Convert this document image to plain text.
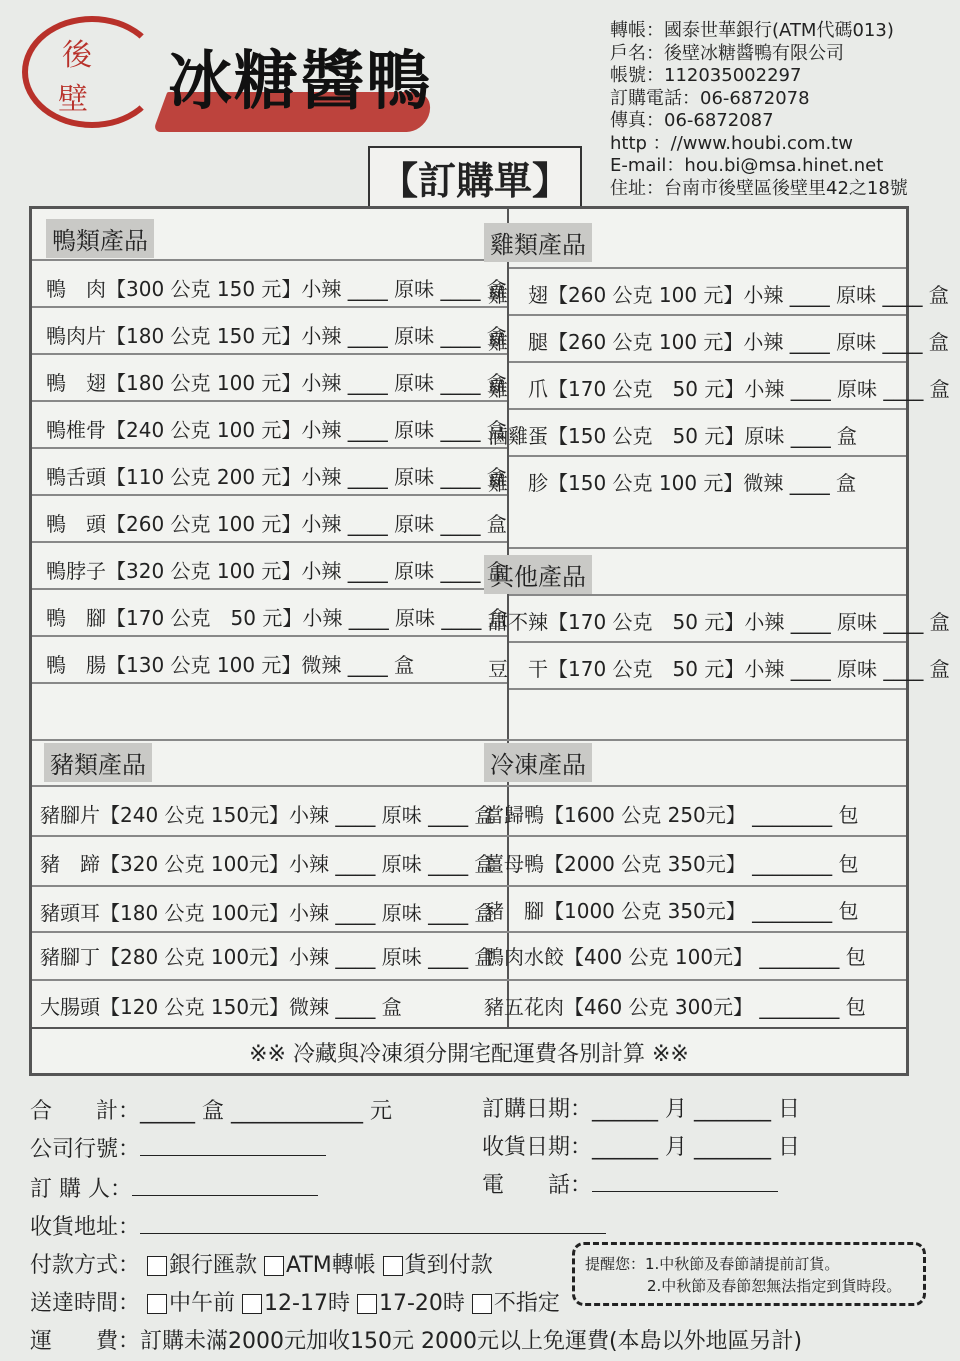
後
壁 冰糖醬鴨
【訂購單】
轉帳：國泰世華銀行(ATM代碼013)
戶名：後壁冰糖醬鴨有限公司
帳號：112035002297
訂購電話：06-6872078
傳真：06-6872087
http ：//www.houbi.com.tw
E-mail：hou.bi@msa.hinet.net
住址：台南市後壁區後壁里42之18號
鴨類產品	雞類產品
其他產品
豬類產品	冷凍產品
鴨　肉【300 公克 150 元】小辣 ____ 原味 ____ 盒
鴨肉片【180 公克 150 元】小辣 ____ 原味 ____ 盒
鴨　翅【180 公克 100 元】小辣 ____ 原味 ____ 盒
鴨椎骨【240 公克 100 元】小辣 ____ 原味 ____ 盒
鴨舌頭【110 公克 200 元】小辣 ____ 原味 ____ 盒
鴨　頭【260 公克 100 元】小辣 ____ 原味 ____ 盒
鴨脖子【320 公克 100 元】小辣 ____ 原味 ____ 盒
鴨　腳【170 公克　50 元】小辣 ____ 原味 ____ 盒
鴨　腸【130 公克 100 元】微辣 ____ 盒
雞　翅【260 公克 100 元】小辣 ____ 原味 ____ 盒
雞　腿【260 公克 100 元】小辣 ____ 原味 ____ 盒
雞　爪【170 公克　50 元】小辣 ____ 原味 ____ 盒
滷雞蛋【150 公克　50 元】原味 ____ 盒
雞　胗【150 公克 100 元】微辣 ____ 盒
甜不辣【170 公克　50 元】小辣 ____ 原味 ____ 盒
豆　干【170 公克　50 元】小辣 ____ 原味 ____ 盒
豬腳片【240 公克 150元】小辣 ____ 原味 ____ 盒
豬　蹄【320 公克 100元】小辣 ____ 原味 ____ 盒
豬頭耳【180 公克 100元】小辣 ____ 原味 ____ 盒
豬腳丁【280 公克 100元】小辣 ____ 原味 ____ 盒
大腸頭【120 公克 150元】微辣 ____ 盒
當歸鴨【1600 公克 250元】 ________ 包
薑母鴨【2000 公克 350元】 ________ 包
豬　腳【1000 公克 350元】 ________ 包
鴨肉水餃【400 公克 100元】 ________ 包
豬五花肉【460 公克 300元】 ________ 包
※※ 冷藏與冷凍須分開宅配運費各別計算 ※※
合　　計：_____ 盒 ____________ 元	訂購日期：______ 月 _______ 日
公司行號：	收貨日期：______ 月 _______ 日
訂 購 人：	電　　話：
收貨地址：
付款方式： 銀行匯款 ATM轉帳 貨到付款
送達時間： 中午前 12-17時 17-20時 不指定
提醒您：1.中秋節及春節請提前訂貨。
2.中秋節及春節恕無法指定到貨時段。
運　　費：訂購未滿2000元加收150元 2000元以上免運費(本島以外地區另計)
